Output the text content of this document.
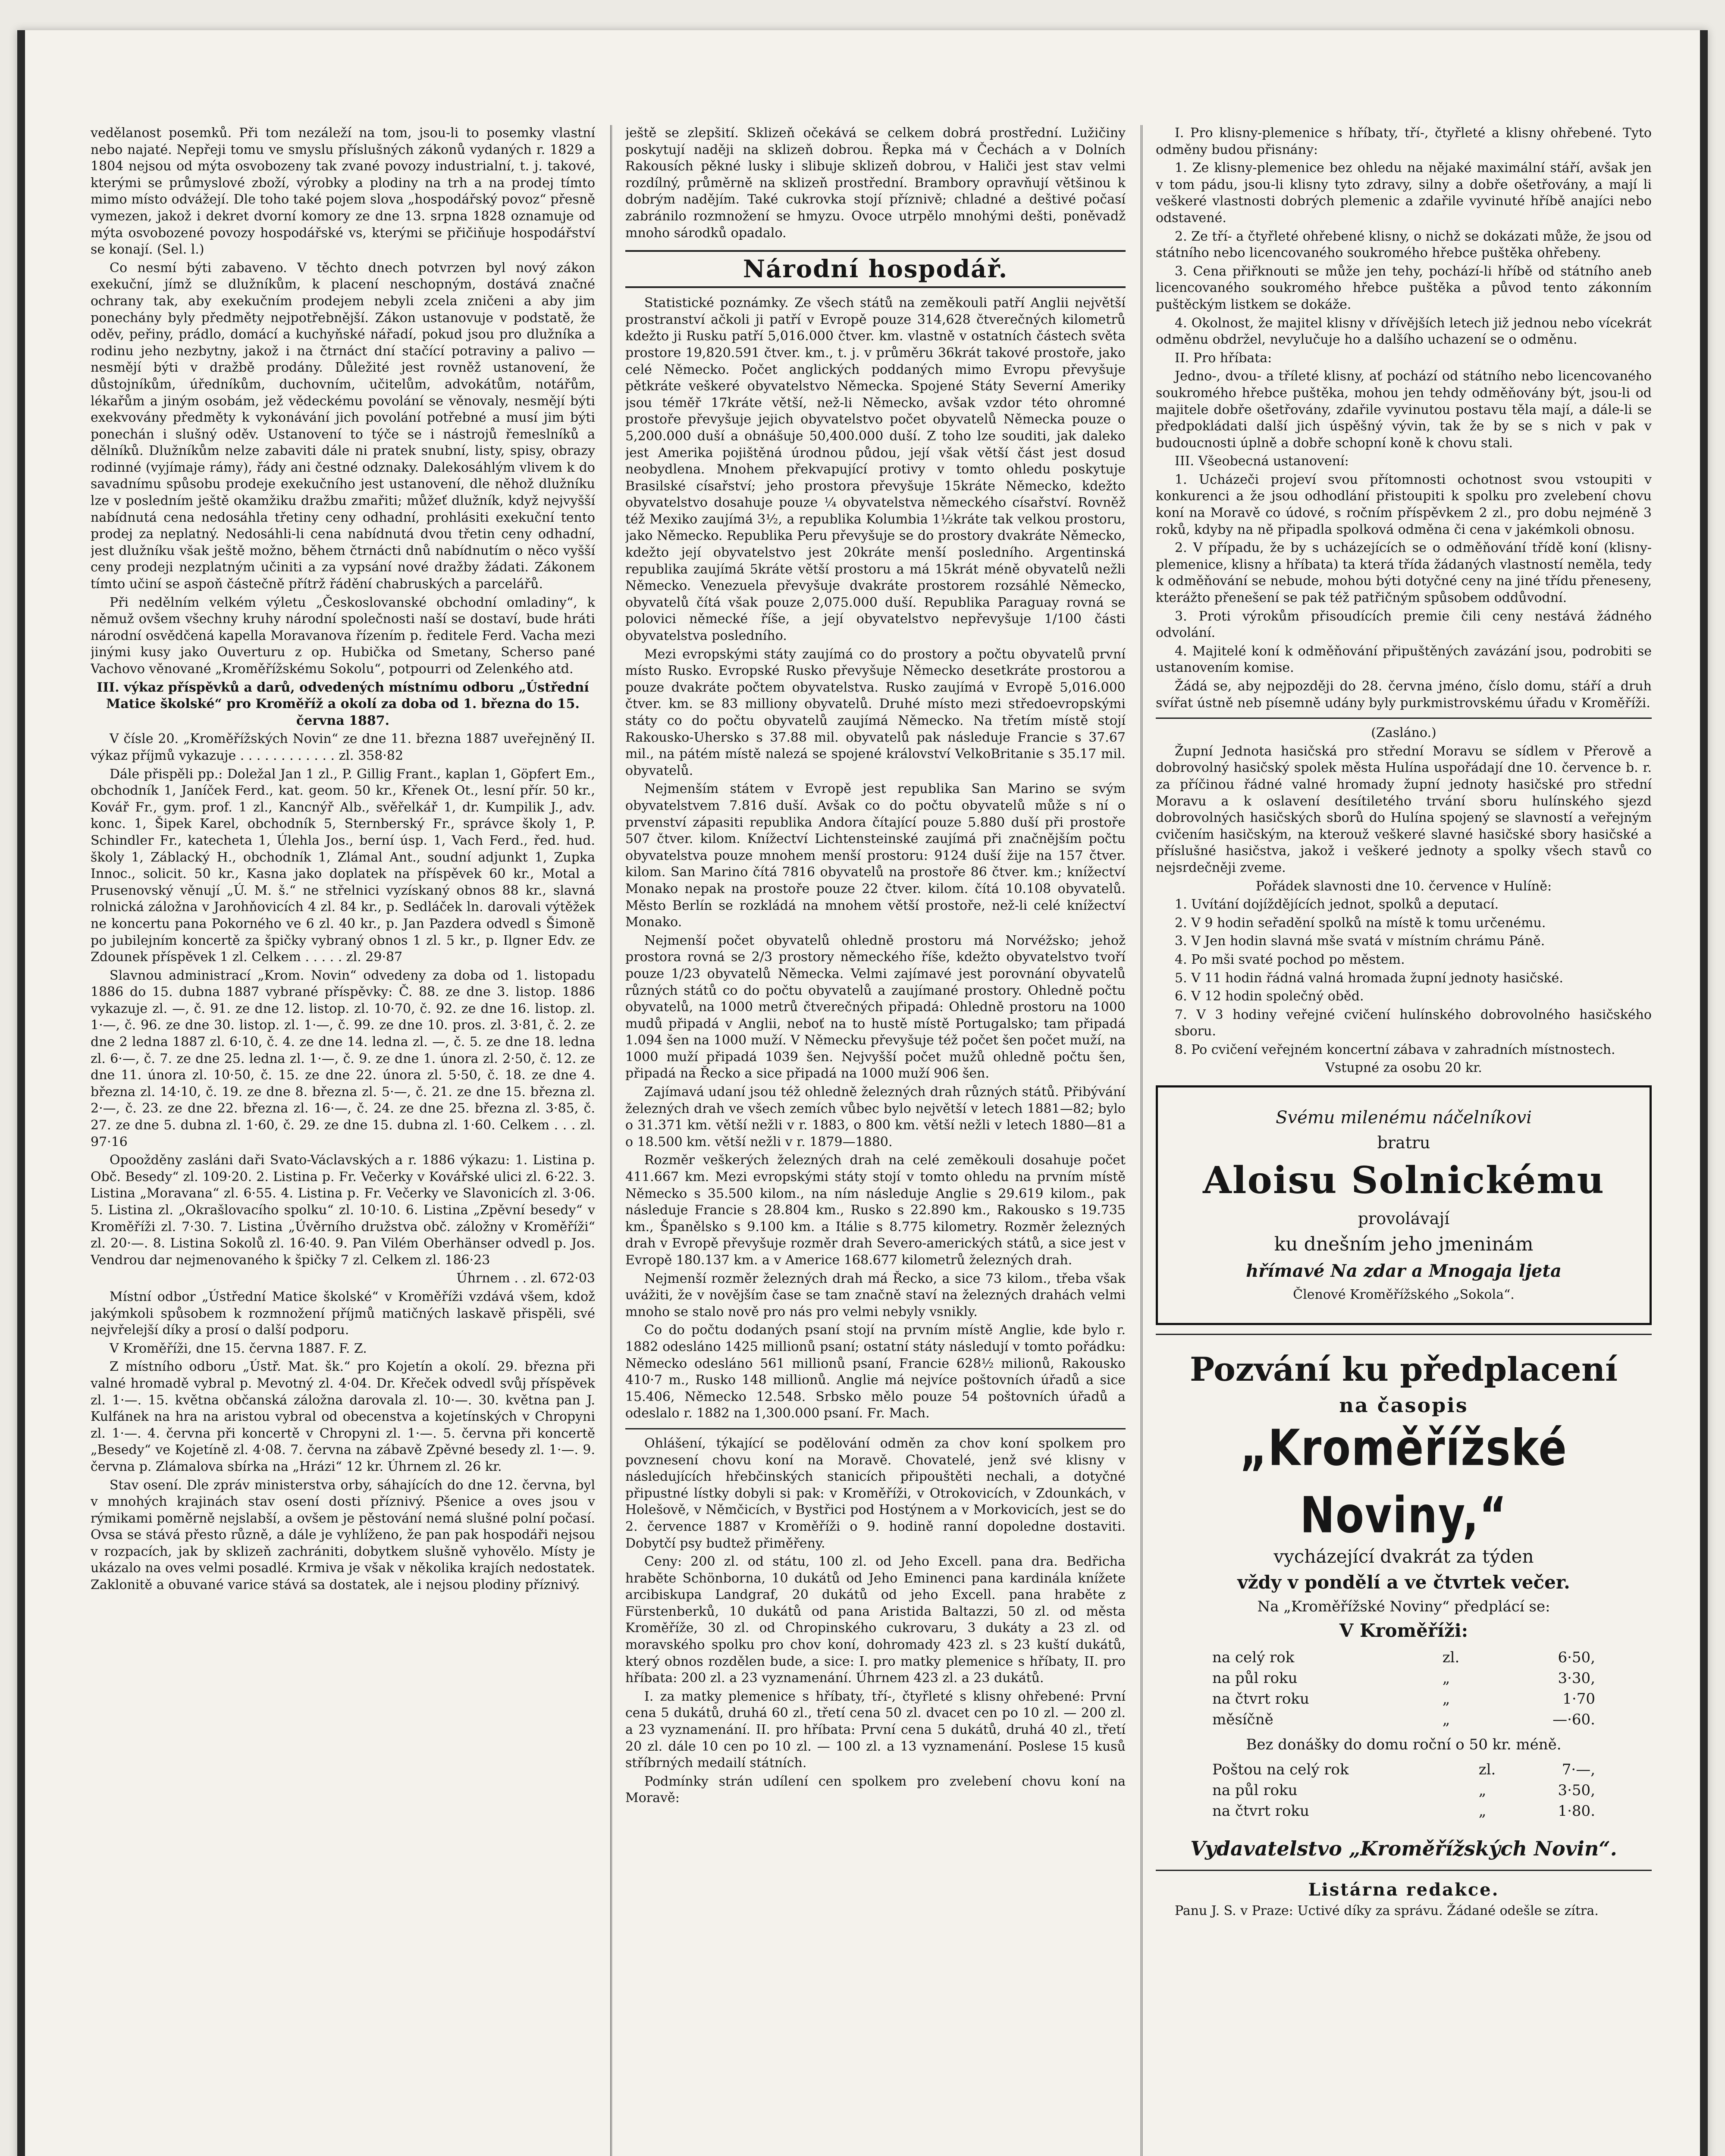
vedělanost posemků. Při tom nezáleží na tom, jsou-li to posemky vlastní nebo najaté. Nepřeji tomu ve smyslu příslušných zákonů vydaných r. 1829 a 1804 nejsou od mýta osvobozeny tak zvané povozy industrialní, t. j. takové, kterými se průmyslové zboží, výrobky a plodiny na trh a na prodej tímto mimo místo odvážejí. Dle toho také pojem slova „hospodářský povoz“ přesně vymezen, jakož i dekret dvorní komory ze dne 13. srpna 1828 oznamuje od mýta osvobozené povozy hospodářské vs, kterými se přičiňuje hospodářství se konají. (Sel. l.)

Co nesmí býti zabaveno. V těchto dnech potvrzen byl nový zákon exekuční, jímž se dlužníkům, k placení neschopným, dostává značné ochrany tak, aby exekučním prodejem nebyli zcela zničeni a aby jim ponechány byly předměty nejpotřebnější. Zákon ustanovuje v podstatě, že oděv, peřiny, prádlo, domácí a kuchyňské nářadí, pokud jsou pro dlužníka a rodinu jeho nezbytny, jakož i na čtrnáct dní stačící potraviny a palivo — nesmějí býti v dražbě prodány. Důležité jest rovněž ustanovení, že důstojníkům, úředníkům, duchovním, učitelům, advokátům, notářům, lékařům a jiným osobám, jež vědeckému povolání se věnovaly, nesmějí býti exekvovány předměty k vykonávání jich povolání potřebné a musí jim býti ponechán i slušný oděv. Ustanovení to týče se i nástrojů řemeslníků a dělníků. Dlužníkům nelze zabaviti dále ni pratek snubní, listy, spisy, obrazy rodinné (vyjímaje rámy), řády ani čestné odznaky. Dalekosáhlým vlivem k do savadnímu spůsobu prodeje exekučního jest ustanovení, dle něhož dlužníku lze v posledním ještě okamžiku dražbu zmařiti; můžeť dlužník, když nejvyšší nabídnutá cena nedosáhla třetiny ceny odhadní, prohlásiti exekuční tento prodej za neplatný. Nedosáhli-li cena nabídnutá dvou třetin ceny odhadní, jest dlužníku však ještě možno, během čtrnácti dnů nabídnutím o něco vyšší ceny prodeji nezplatným učiniti a za vypsání nové dražby žádati. Zákonem tímto učiní se aspoň částečně přítrž řádění chabruských a parcelářů.

Při nedělním velkém výletu „Českoslovanské obchodní omladiny“, k němuž ovšem všechny kruhy národní společnosti naší se dostaví, bude hráti národní osvědčená kapella Moravanova řízením p. ředitele Ferd. Vacha mezi jinými kusy jako Ouverturu z op. Hubička od Smetany, Scherso pané Vachovo věnované „Kroměřížskému Sokolu“, potpourri od Zelenkého atd.

III. výkaz příspěvků a darů, odvedených místnímu odboru „Ústřední Matice školské“ pro Kroměříž a okolí za doba od 1. března do 15. června 1887.

V čísle 20. „Kroměřížských Novin“ ze dne 11. března 1887 uveřejněný II. výkaz příjmů vykazuje . . . . . . . . . . . . zl. 358·82

Dále přispěli pp.: Doležal Jan 1 zl., P. Gillig Frant., kaplan 1, Göpfert Em., obchodník 1, Janíček Ferd., kat. geom. 50 kr., Křenek Ot., lesní přír. 50 kr., Kovář Fr., gym. prof. 1 zl., Kancnýř Alb., svěřelkář 1, dr. Kumpilik J., adv. konc. 1, Šipek Karel, obchodník 5, Sternberský Fr., správce školy 1, P. Schindler Fr., katecheta 1, Úlehla Jos., berní úsp. 1, Vach Ferd., řed. hud. školy 1, Záblacký H., obchodník 1, Zlámal Ant., soudní adjunkt 1, Zupka Innoc., solicit. 50 kr., Kasna jako doplatek na příspěvek 60 kr., Motal a Prusenovský věnují „Ú. M. š.“ ne střelnici vyzískaný obnos 88 kr., slavná rolnická záložna v Jarohňovicích 4 zl. 84 kr., p. Sedláček ln. darovali výtěžek ne koncertu pana Pokorného ve 6 zl. 40 kr., p. Jan Pazdera odvedl s Šimoně po jubilejním koncertě za špičky vybraný obnos 1 zl. 5 kr., p. Ilgner Edv. ze Zdounek příspěvek 1 zl. Celkem . . . . . zl. 29·87

Slavnou administrací „Krom. Novin“ odvedeny za doba od 1. listopadu 1886 do 15. dubna 1887 vybrané příspěvky: Č. 88. ze dne 3. listop. 1886 vykazuje zl. —, č. 91. ze dne 12. listop. zl. 10·70, č. 92. ze dne 16. listop. zl. 1·—, č. 96. ze dne 30. listop. zl. 1·—, č. 99. ze dne 10. pros. zl. 3·81, č. 2. ze dne 2 ledna 1887 zl. 6·10, č. 4. ze dne 14. ledna zl. —, č. 5. ze dne 18. ledna zl. 6·—, č. 7. ze dne 25. ledna zl. 1·—, č. 9. ze dne 1. února zl. 2·50, č. 12. ze dne 11. února zl. 10·50, č. 15. ze dne 22. února zl. 5·50, č. 18. ze dne 4. března zl. 14·10, č. 19. ze dne 8. března zl. 5·—, č. 21. ze dne 15. března zl. 2·—, č. 23. ze dne 22. března zl. 16·—, č. 24. ze dne 25. března zl. 3·85, č. 27. ze dne 5. dubna zl. 1·60, č. 29. ze dne 15. dubna zl. 1·60. Celkem . . . zl. 97·16

Opoožděny zasláni daři Svato-Václavských a r. 1886 výkazu: 1. Listina p. Obč. Besedy“ zl. 109·20. 2. Listina p. Fr. Večerky v Kovářské ulici zl. 6·22. 3. Listina „Moravana“ zl. 6·55. 4. Listina p. Fr. Večerky ve Slavonicích zl. 3·06. 5. Listina zl. „Okrašlovacího spolku“ zl. 10·10. 6. Listina „Zpěvní besedy“ v Kroměříži zl. 7·30. 7. Listina „Úvěrního družstva obč. záložny v Kroměříži“ zl. 20·—. 8. Listina Sokolů zl. 16·40. 9. Pan Vilém Oberhänser odvedl p. Jos. Vendrou dar nejmenovaného k špičky 7 zl. Celkem zl. 186·23

Úhrnem . . zl. 672·03

Místní odbor „Ústřední Matice školské“ v Kroměříži vzdává všem, kdož jakýmkoli spůsobem k rozmnožení příjmů matičných laskavě přispěli, své nejvřelejší díky a prosí o další podporu.

V Kroměříži, dne 15. června 1887. F. Z.

Z místního odboru „Ústř. Mat. šk.“ pro Kojetín a okolí. 29. března při valné hromadě vybral p. Mevotný zl. 4·04. Dr. Křeček odvedl svůj příspěvek zl. 1·—. 15. května občanská záložna darovala zl. 10·—. 30. května pan J. Kulfánek na hra na aristou vybral od obecenstva a kojetínských v Chropyni zl. 1·—. 4. června při koncertě v Chropyni zl. 1·—. 5. června při koncertě „Besedy“ ve Kojetíně zl. 4·08. 7. června na zábavě Zpěvné besedy zl. 1·—. 9. června p. Zlámalova sbírka na „Hrázi“ 12 kr. Úhrnem zl. 26 kr.

Stav osení. Dle zpráv ministerstva orby, sáhajících do dne 12. června, byl v mnohých krajinách stav osení dosti příznivý. Pšenice a oves jsou v rýmikami poměrně nejslabší, a ovšem je pěstování nemá slušné polní počasí. Ovsa se stává přesto různě, a dále je vyhlíženo, že pan pak hospodáři nejsou v rozpacích, jak by sklizeň zachrániti, dobytkem slušně vyhovělo. Místy je ukázalo na oves velmi posadlé. Krmiva je však v několika krajích nedostatek. Zaklonitě a obuvané varice stává sa dostatek, ale i nejsou plodiny příznivý.

ještě se zlepšití. Sklizeň očekává se celkem dobrá prostřední. Lužičiny poskytují naději na sklizeň dobrou. Řepka má v Čechách a v Dolních Rakousích pěkné lusky i slibuje sklizeň dobrou, v Haliči jest stav velmi rozdílný, průměrně na sklizeň prostřední. Brambory opravňují většinou k dobrým nadějím. Také cukrovka stojí příznivě; chladné a deštivé počasí zabránilo rozmnožení se hmyzu. Ovoce utrpělo mnohými dešti, poněvadž mnoho sárodků opadalo.

Národní hospodář.

Statistické poznámky. Ze všech států na zeměkouli patří Anglii největší prostranství ačkoli ji patří v Evropě pouze 314,628 čtverečných kilometrů kdežto ji Rusku patří 5,016.000 čtver. km. vlastně v ostatních částech světa prostore 19,820.591 čtver. km., t. j. v průměru 36krát takové prostoře, jako celé Německo. Počet anglických poddaných mimo Evropu převyšuje pětkráte veškeré obyvatelstvo Německa. Spojené Státy Severní Ameriky jsou téměř 17kráte větší, než-li Německo, avšak vzdor této ohromné prostoře převyšuje jejich obyvatelstvo počet obyvatelů Německa pouze o 5,200.000 duší a obnášuje 50,400.000 duší. Z toho lze souditi, jak daleko jest Amerika pojištěná úrodnou půdou, její však větší část jest dosud neobydlena. Mnohem překvapující protivy v tomto ohledu poskytuje Brasilské císařství; jeho prostora převyšuje 15kráte Německo, kdežto obyvatelstvo dosahuje pouze ¼ obyvatelstva německého císařství. Rovněž též Mexiko zaujímá 3½, a republika Kolumbia 1½kráte tak velkou prostoru, jako Německo. Republika Peru převyšuje se do prostory dvakráte Německo, kdežto její obyvatelstvo jest 20kráte menší posledního. Argentinská republika zaujímá 5kráte větší prostoru a má 15krát méně obyvatelů nežli Německo. Venezuela převyšuje dvakráte prostorem rozsáhlé Německo, obyvatelů čítá však pouze 2,075.000 duší. Republika Paraguay rovná se polovici německé říše, a její obyvatelstvo nepřevyšuje 1/100 části obyvatelstva posledního.

Mezi evropskými státy zaujímá co do prostory a počtu obyvatelů první místo Rusko. Evropské Rusko převyšuje Německo desetkráte prostorou a pouze dvakráte počtem obyvatelstva. Rusko zaujímá v Evropě 5,016.000 čtver. km. se 83 milliony obyvatelů. Druhé místo mezi středoevropskými státy co do počtu obyvatelů zaujímá Německo. Na třetím místě stojí Rakousko-Uhersko s 37.88 mil. obyvatelů pak následuje Francie s 37.67 mil., na pátém místě nalezá se spojené království VelkoBritanie s 35.17 mil. obyvatelů.

Nejmenším státem v Evropě jest republika San Marino se svým obyvatelstvem 7.816 duší. Avšak co do počtu obyvatelů může s ní o prvenství zápasiti republika Andora čítající pouze 5.880 duší při prostoře 507 čtver. kilom. Knížectví Lichtensteinské zaujímá při značnějším počtu obyvatelstva pouze mnohem menší prostoru: 9124 duší žije na 157 čtver. kilom. San Marino čítá 7816 obyvatelů na prostoře 86 čtver. km.; knížectví Monako nepak na prostoře pouze 22 čtver. kilom. čítá 10.108 obyvatelů. Město Berlín se rozkládá na mnohem větší prostoře, než-li celé knížectví Monako.

Nejmenší počet obyvatelů ohledně prostoru má Norvéžsko; jehož prostora rovná se 2/3 prostory německého říše, kdežto obyvatelstvo tvoří pouze 1/23 obyvatelů Německa. Velmi zajímavé jest porovnání obyvatelů různých států co do počtu obyvatelů a zaujímané prostory. Ohledně počtu obyvatelů, na 1000 metrů čtverečných připadá: Ohledně prostoru na 1000 mudů připadá v Anglii, neboť na to hustě místě Portugalsko; tam připadá 1.094 šen na 1000 muží. V Německu převyšuje též počet šen počet muží, na 1000 muží připadá 1039 šen. Nejvyšší počet mužů ohledně počtu šen, připadá na Řecko a sice připadá na 1000 muží 906 šen.

Zajímavá udaní jsou též ohledně železných drah různých států. Přibývání železných drah ve všech zemích vůbec bylo největší v letech 1881—82; bylo o 31.371 km. větší nežli v r. 1883, o 800 km. větší nežli v letech 1880—81 a o 18.500 km. větší nežli v r. 1879—1880.

Rozměr veškerých železných drah na celé zeměkouli dosahuje počet 411.667 km. Mezi evropskými státy stojí v tomto ohledu na prvním místě Německo s 35.500 kilom., na ním následuje Anglie s 29.619 kilom., pak následuje Francie s 28.804 km., Rusko s 22.890 km., Rakousko s 19.735 km., Španělsko s 9.100 km. a Itálie s 8.775 kilometry. Rozměr železných drah v Evropě převyšuje rozměr drah Severo-amerických států, a sice jest v Evropě 180.137 km. a v Americe 168.677 kilometrů železných drah.

Nejmenší rozměr železných drah má Řecko, a sice 73 kilom., třeba však uvážiti, že v novějším čase se tam značně staví na železných drahách velmi mnoho se stalo nově pro nás pro velmi nebyly vsnikly.

Co do počtu dodaných psaní stojí na prvním místě Anglie, kde bylo r. 1882 odesláno 1425 millionů psaní; ostatní státy následují v tomto pořádku: Německo odesláno 561 millionů psaní, Francie 628½ milionů, Rakousko 410·7 m., Rusko 148 millionů. Anglie má nejvíce poštovních úřadů a sice 15.406, Německo 12.548. Srbsko mělo pouze 54 poštovních úřadů a odeslalo r. 1882 na 1,300.000 psaní. Fr. Mach.

Ohlášení, týkající se podělování odměn za chov koní spolkem pro povznesení chovu koní na Moravě. Chovatelé, jenž své klisny v následujících hřebčinských stanicích připouštěti nechali, a dotyčné připustné lístky dobyli si pak: v Kroměříži, v Otrokovicích, v Zdounkách, v Holešově, v Němčicích, v Bystřici pod Hostýnem a v Morkovicích, jest se do 2. července 1887 v Kroměříži o 9. hodině ranní dopoledne dostaviti. Dobytčí psy budtež přiměřeny.

Ceny: 200 zl. od státu, 100 zl. od Jeho Excell. pana dra. Bedřicha hraběte Schönborna, 10 dukátů od Jeho Eminenci pana kardinála knížete arcibiskupa Landgraf, 20 dukátů od jeho Excell. pana hraběte z Fürstenberků, 10 dukátů od pana Aristida Baltazzi, 50 zl. od města Kroměříže, 30 zl. od Chropinského cukrovaru, 3 dukáty a 23 zl. od moravského spolku pro chov koní, dohromady 423 zl. s 23 kuští dukátů, který obnos rozdělen bude, a sice: I. pro matky plemenice s hříbaty, II. pro hříbata: 200 zl. a 23 vyznamenání. Úhrnem 423 zl. a 23 dukátů.

I. za matky plemenice s hříbaty, tří-, čtyřleté s klisny ohřebené: První cena 5 dukátů, druhá 60 zl., třetí cena 50 zl. dvacet cen po 10 zl. — 200 zl. a 23 vyznamenání. II. pro hříbata: První cena 5 dukátů, druhá 40 zl., třetí 20 zl. dále 10 cen po 10 zl. — 100 zl. a 13 vyznamenání. Poslese 15 kusů stříbrných medailí státních.

Podmínky strán udílení cen spolkem pro zvelebení chovu koní na Moravě:

I. Pro klisny-plemenice s hříbaty, tří-, čtyřleté a klisny ohřebené. Tyto odměny budou přisnány:

1. Ze klisny-plemenice bez ohledu na nějaké maximální stáří, avšak jen v tom pádu, jsou-li klisny tyto zdravy, silny a dobře ošetřovány, a mají li veškeré vlastnosti dobrých plemenic a zdařile vyvinuté hříbě anajíci nebo odstavené.

2. Ze tří- a čtyřleté ohřebené klisny, o nichž se dokázati může, že jsou od státního nebo licencovaného soukromého hřebce puštěka ohřebeny.

3. Cena přiřknouti se může jen tehy, pochází-li hříbě od státního aneb licencovaného soukromého hřebce puštěka a původ tento zákonním puštěckým listkem se dokáže.

4. Okolnost, že majitel klisny v dřívějších letech již jednou nebo vícekrát odměnu obdržel, nevylučuje ho a dalšího uchazení se o odměnu.

II. Pro hříbata:

Jedno-, dvou- a tříleté klisny, ať pochází od státního nebo licencovaného soukromého hřebce puštěka, mohou jen tehdy odměňovány být, jsou-li od majitele dobře ošetřovány, zdařile vyvinutou postavu těla mají, a dále-li se předpokládati další jich úspěšný vývin, tak že by se s nich v pak v budoucnosti úplně a dobře schopní koně k chovu stali.

III. Všeobecná ustanovení:

1. Ucházeči projeví svou přítomnosti ochotnost svou vstoupiti v konkurenci a že jsou odhodlání přistoupiti k spolku pro zvelebení chovu koní na Moravě co údové, s ročním příspěvkem 2 zl., pro dobu nejméně 3 roků, kdyby na ně připadla spolková odměna či cena v jakémkoli obnosu.

2. V případu, že by s ucházejících se o odměňování třídě koní (klisny-plemenice, klisny a hříbata) ta která třída žádaných vlastností neměla, tedy k odměňování se nebude, mohou býti dotyčné ceny na jiné třídu přeneseny, kterážto přenešení se pak též patřičným spůsobem oddůvodní.

3. Proti výrokům přisoudících premie čili ceny nestává žádného odvolání.

4. Majitelé koní k odměňování připuštěných zavázání jsou, podrobiti se ustanovením komise.

Žádá se, aby nejpozději do 28. června jméno, číslo domu, stáří a druh svířat ústně neb písemně udány byly purkmistrovskému úřadu v Kroměříži.

(Zasláno.)

Župní Jednota hasičská pro střední Moravu se sídlem v Přerově a dobrovolný hasičský spolek města Hulína uspořádají dne 10. července b. r. za příčinou řádné valné hromady župní jednoty hasičské pro střední Moravu a k oslavení desítiletého trvání sboru hulínského sjezd dobrovolných hasičských sborů do Hulína spojený se slavností a veřejným cvičením hasičským, na kterouž veškeré slavné hasičské sbory hasičské a příslušné hasičstva, jakož i veškeré jednoty a spolky všech stavů co nejsrdečněji zveme.

Pořádek slavnosti dne 10. července v Hulíně:

1. Uvítání dojíždějících jednot, spolků a deputací.

2. V 9 hodin seřadění spolků na místě k tomu určenému.

3. V Jen hodin slavná mše svatá v místním chrámu Páně.

4. Po mši svaté pochod po městem.

5. V 11 hodin řádná valná hromada župní jednoty hasičské.

6. V 12 hodin společný oběd.

7. V 3 hodiny veřejné cvičení hulínského dobrovolného hasičského sboru.

8. Po cvičení veřejném koncertní zábava v zahradních místnostech.

Vstupné za osobu 20 kr.

Svému milenému náčelníkovi
bratru
Aloisu Solnickému
provolávají
ku dnešním jeho jmeninám
hřímavé Na zdar a Mnogaja ljeta
Členové Kroměřížského „Sokola“.
Pozvání ku předplacení
na časopis
„Kroměřížské Noviny,“
vycházející dvakrát za týden
vždy v pondělí a ve čtvrtek večer.
Na „Kroměřížské Noviny“ předplácí se:
V Kroměříži:
na celý rok	zl.	6·50,
na půl roku	„	3·30,
na čtvrt roku	„	1·70
měsíčně	„	—·60.
Bez donášky do domu roční o 50 kr. méně.
Poštou na celý rok	zl.	7·—,
na půl roku	„	3·50,
na čtvrt roku	„	1·80.
Vydavatelstvo „Kroměřížských Novin“.
Listárna redakce.

Panu J. S. v Praze: Uctivé díky za správu. Žádané odešle se zítra.
